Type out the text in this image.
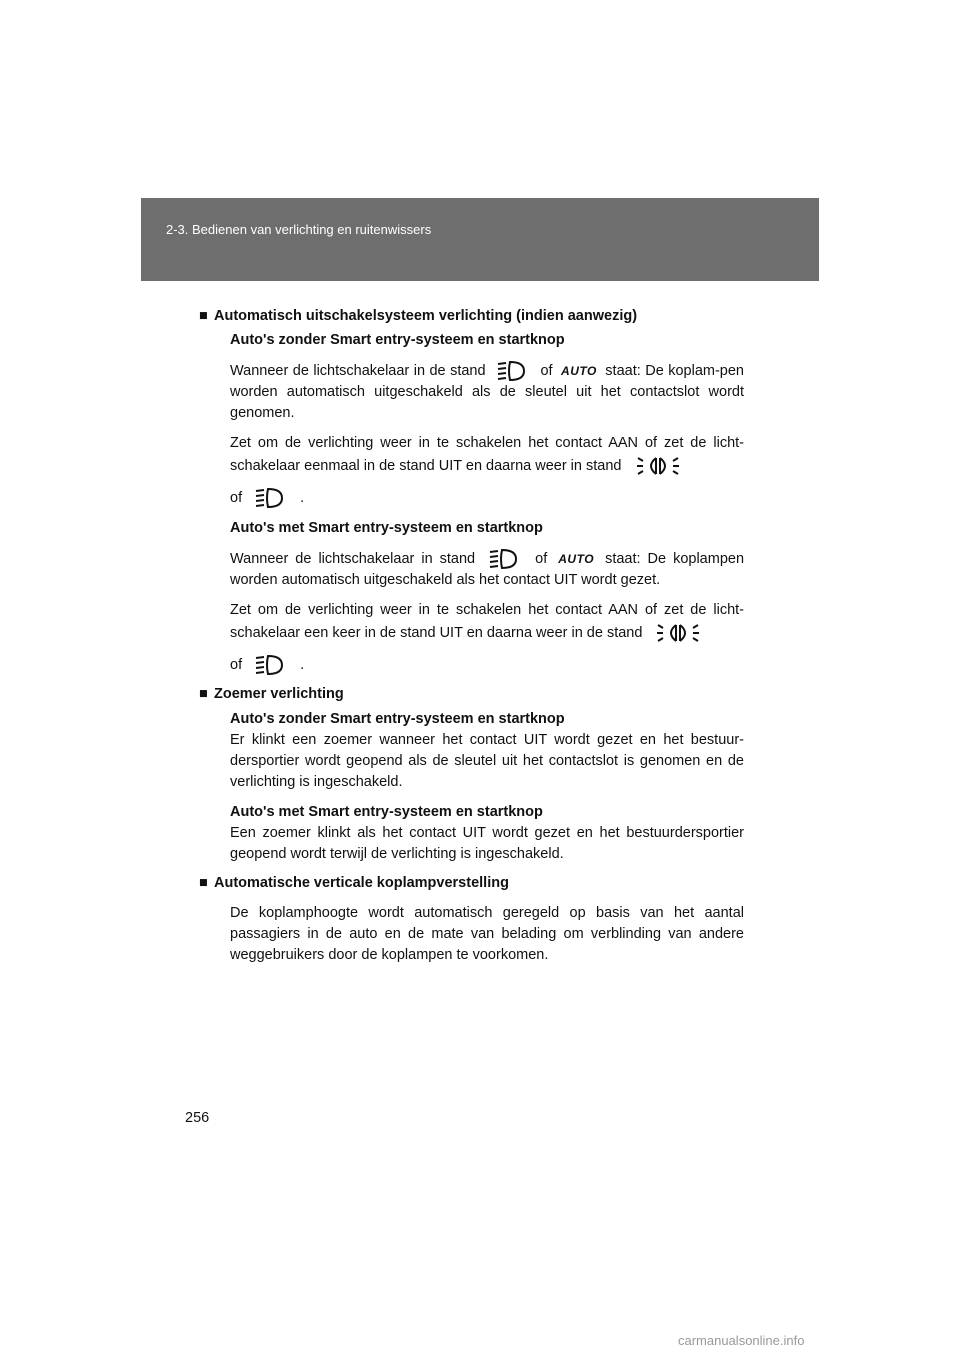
2-3. Bedienen van verlichting en ruitenwissers
■ Automatisch uitschakelsysteem verlichting (indien aanwezig)

Auto's zonder Smart entry-systeem en startknop

Wanneer de lichtschakelaar in de stand	of AUTO staat: De koplam-pen worden automatisch uitgeschakeld als de sleutel uit het contactslot wordt genomen.

Zet om de verlichting weer in te schakelen het contact AAN of zet de licht-schakelaar eenmaal in de stand UIT en daarna weer in stand

of	.

Auto's met Smart entry-systeem en startknop

Wanneer de lichtschakelaar in stand	of AUTO staat: De koplampen worden automatisch uitgeschakeld als het contact UIT wordt gezet.

Zet om de verlichting weer in te schakelen het contact AAN of zet de licht-schakelaar een keer in de stand UIT en daarna weer in de stand

of	.

■ Zoemer verlichting

Auto's zonder Smart entry-systeem en startknop

Er klinkt een zoemer wanneer het contact UIT wordt gezet en het bestuur-dersportier wordt geopend als de sleutel uit het contactslot is genomen en de verlichting is ingeschakeld.

Auto's met Smart entry-systeem en startknop

Een zoemer klinkt als het contact UIT wordt gezet en het bestuurdersportier geopend wordt terwijl de verlichting is ingeschakeld.

■ Automatische verticale koplampverstelling

De koplamphoogte wordt automatisch geregeld op basis van het aantal passagiers in de auto en de mate van belading om verblinding van andere weggebruikers door de koplampen te voorkomen.

256
carmanualsonline.info
